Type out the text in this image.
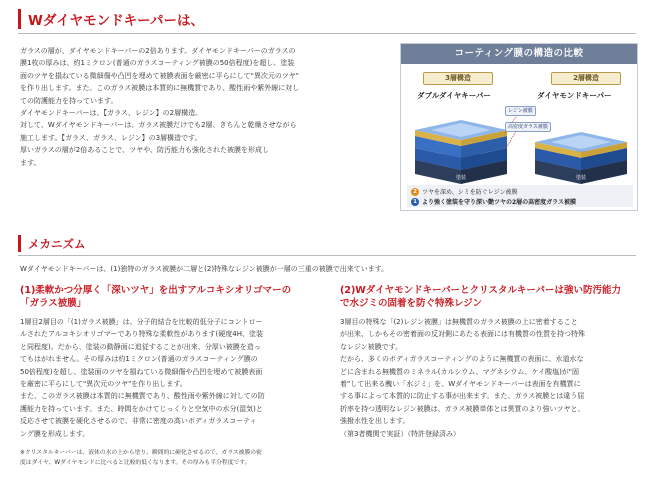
Wダイヤモンドキーパーは、
ガラスの層が、ダイヤモンドキーパーの2倍あります。ダイヤモンドキーパーのガラスの
膜1枚の厚みは、約1ミクロン(普通のガラスコーティング被膜の50倍程度)を超し、塗装
面のツヤを損ねている微細傷や凸凹を埋めて被膜表面を厳密に平らにして"異次元のツヤ"
を作り出します。また、このガラス被膜は本質的に無機質であり、酸性雨や紫外線に対し
ての防護能力を持っています。
ダイヤモンドキーパーは、【ガラス、レジン】の2層構造。
対して、Wダイヤモンドキーパーは、ガラス被膜だけでも2層、きちんと乾燥させながら
施工します。【ガラス、ガラス、レジン】の3層構造です。
厚いガラスの層が2倍あることで、ツヤや、防汚能力も強化された被膜を形成し
ます。
コーティング膜の構造の比較
3層構造	2層構造
ダブルダイヤキーパー	ダイヤモンドキーパー
塗装	塗装
レジン被膜
高密度ガラス被膜
2 ツヤを深め、シミを防ぐレジン被膜
1 より強く塗装を守り深い艶ツヤの2層の高密度ガラス被膜
メカニズム
Wダイヤモンドキーパーは、(1)独特のガラス被膜が二層と(2)特殊なレジン被膜が一層の三重の被膜で出来ています。
(1)柔軟かつ分厚く「深いツヤ」を出すアルコキシオリゴマーの
「ガラス被膜」
1層目2層目の「(1)ガラス被膜」は、分子的結合を比較的低分子にコントロー
ルされたアルコキシオリゴマーであり特殊な柔軟性があります(硬度4H、塗装
と同程度)。だから、塗装の動静面に追従することが出来、分厚い被膜を造っ
てもはがれません。その厚みは約1ミクロン(普通のガラスコーティング膜の
50倍程度)を超し、塗装面のツヤを損ねている微細傷や凸凹を埋めて被膜表面
を厳密に平らにして"異次元のツヤ"を作り出します。
また、このガラス被膜は本質的に無機質であり、酸性雨や紫外線に対しての防
護能力を持っています。また、時間をかけてじっくりと空気中の水分(湿気)と
反応させて被膜を硬化させるので、非常に密度の高いボディガラスコーティ
ング膜を形成します。
※クリスタルキーパーは、液体の水の上から塗り、瞬間的に硬化させるので、ガラス被膜の密
度はダイヤ、Wダイヤモンドに比べると比較的低くなります。その厚みも半分程度です。
(2)Wダイヤモンドキーパーとクリスタルキーパーは強い防汚能力
で水ジミの固着を防ぐ特殊レジン
3層目の特殊な「(2)レジン被膜」は無機質のガラス被膜の上に密着すること
が出来、しかもその密着面の反対側にあたる表面には有機質の性質を持つ特殊
なレジン被膜です。
だから、多くのボディガラスコーティングのように無機質の表面に、水道水な
どに含まれる無機質のミネラル(カルシウム、マグネシウム、ケイ酸塩)が"固
着"して出来る醜い「水ジミ」を、Wダイヤモンドキーパーは表面を有機質に
する事によって本質的に防止する事が出来ます。また、ガラス被膜とは違う屈
折率を持つ透明なレジン被膜は、ガラス被膜単体とは異質のより強いツヤと、
強撥水性を出します。
（第3者機関で実証）（特許登録済み）
